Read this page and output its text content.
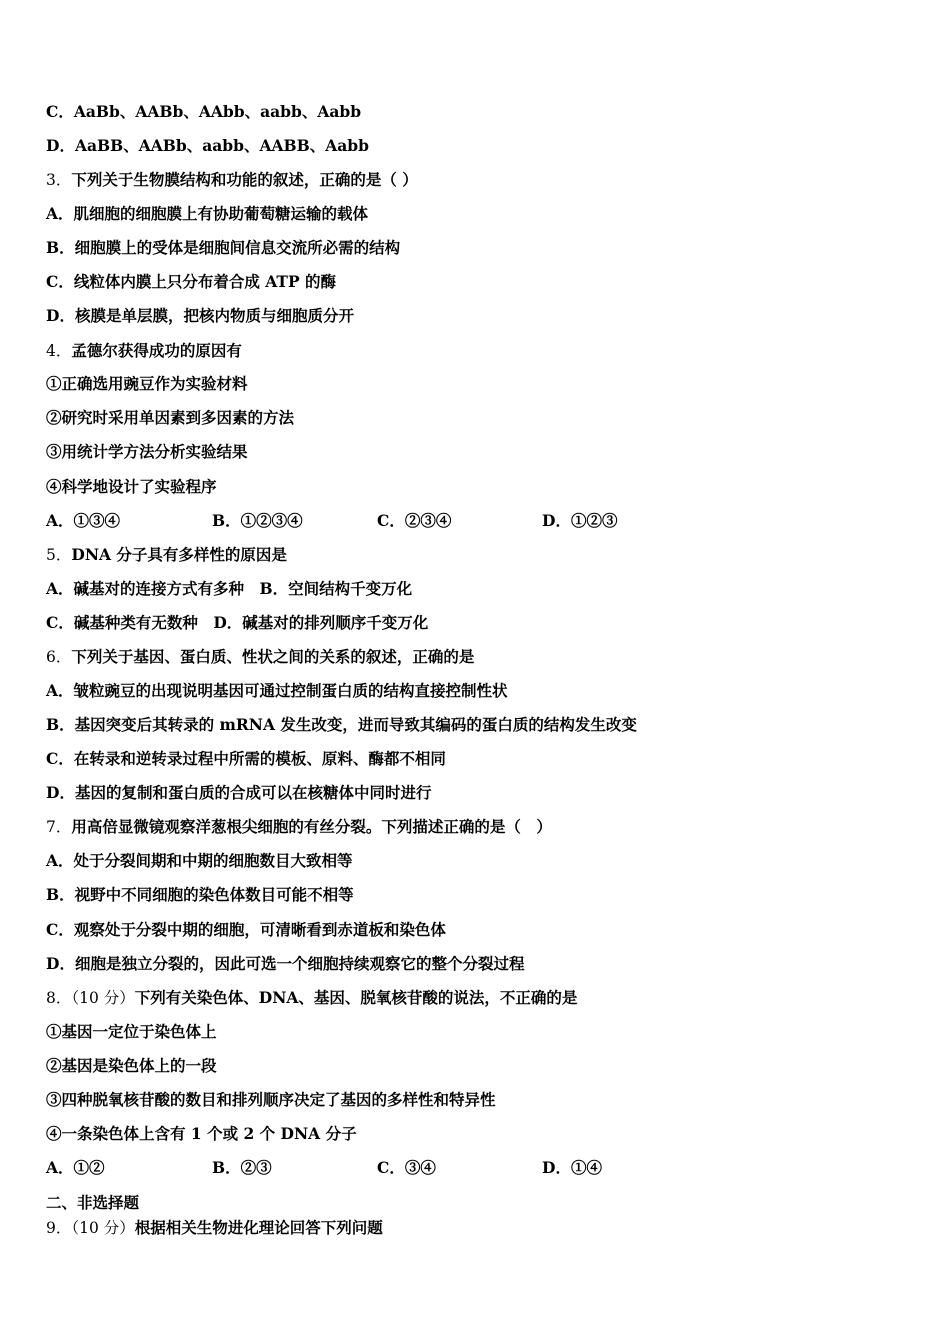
C．AaBb、AABb、AAbb、aabb、Aabb
D．AaBB、AABb、aabb、AABB、Aabb
3．下列关于生物膜结构和功能的叙述，正确的是（ ）
A．肌细胞的细胞膜上有协助葡萄糖运输的载体
B．细胞膜上的受体是细胞间信息交流所必需的结构
C．线粒体内膜上只分布着合成 ATP 的酶
D．核膜是单层膜，把核内物质与细胞质分开
4．孟德尔获得成功的原因有
①正确选用豌豆作为实验材料
②研究时采用单因素到多因素的方法
③用统计学方法分析实验结果
④科学地设计了实验程序
A．①③④	B．①②③④	C．②③④	D．①②③
5．DNA 分子具有多样性的原因是
A．碱基对的连接方式有多种　B．空间结构千变万化
C．碱基种类有无数种　D．碱基对的排列顺序千变万化
6．下列关于基因、蛋白质、性状之间的关系的叙述，正确的是
A．皱粒豌豆的出现说明基因可通过控制蛋白质的结构直接控制性状
B．基因突变后其转录的 mRNA 发生改变，进而导致其编码的蛋白质的结构发生改变
C．在转录和逆转录过程中所需的模板、原料、酶都不相同
D．基因的复制和蛋白质的合成可以在核糖体中同时进行
7．用高倍显微镜观察洋葱根尖细胞的有丝分裂。下列描述正确的是（　）
A．处于分裂间期和中期的细胞数目大致相等
B．视野中不同细胞的染色体数目可能不相等
C．观察处于分裂中期的细胞，可清晰看到赤道板和染色体
D．细胞是独立分裂的，因此可选一个细胞持续观察它的整个分裂过程
8．（10 分）下列有关染色体、DNA、基因、脱氧核苷酸的说法，不正确的是
①基因一定位于染色体上
②基因是染色体上的一段
③四种脱氧核苷酸的数目和排列顺序决定了基因的多样性和特异性
④一条染色体上含有 1 个或 2 个 DNA 分子
A．①②	B．②③	C．③④	D．①④
二、非选择题
9．（10 分）根据相关生物进化理论回答下列问题
